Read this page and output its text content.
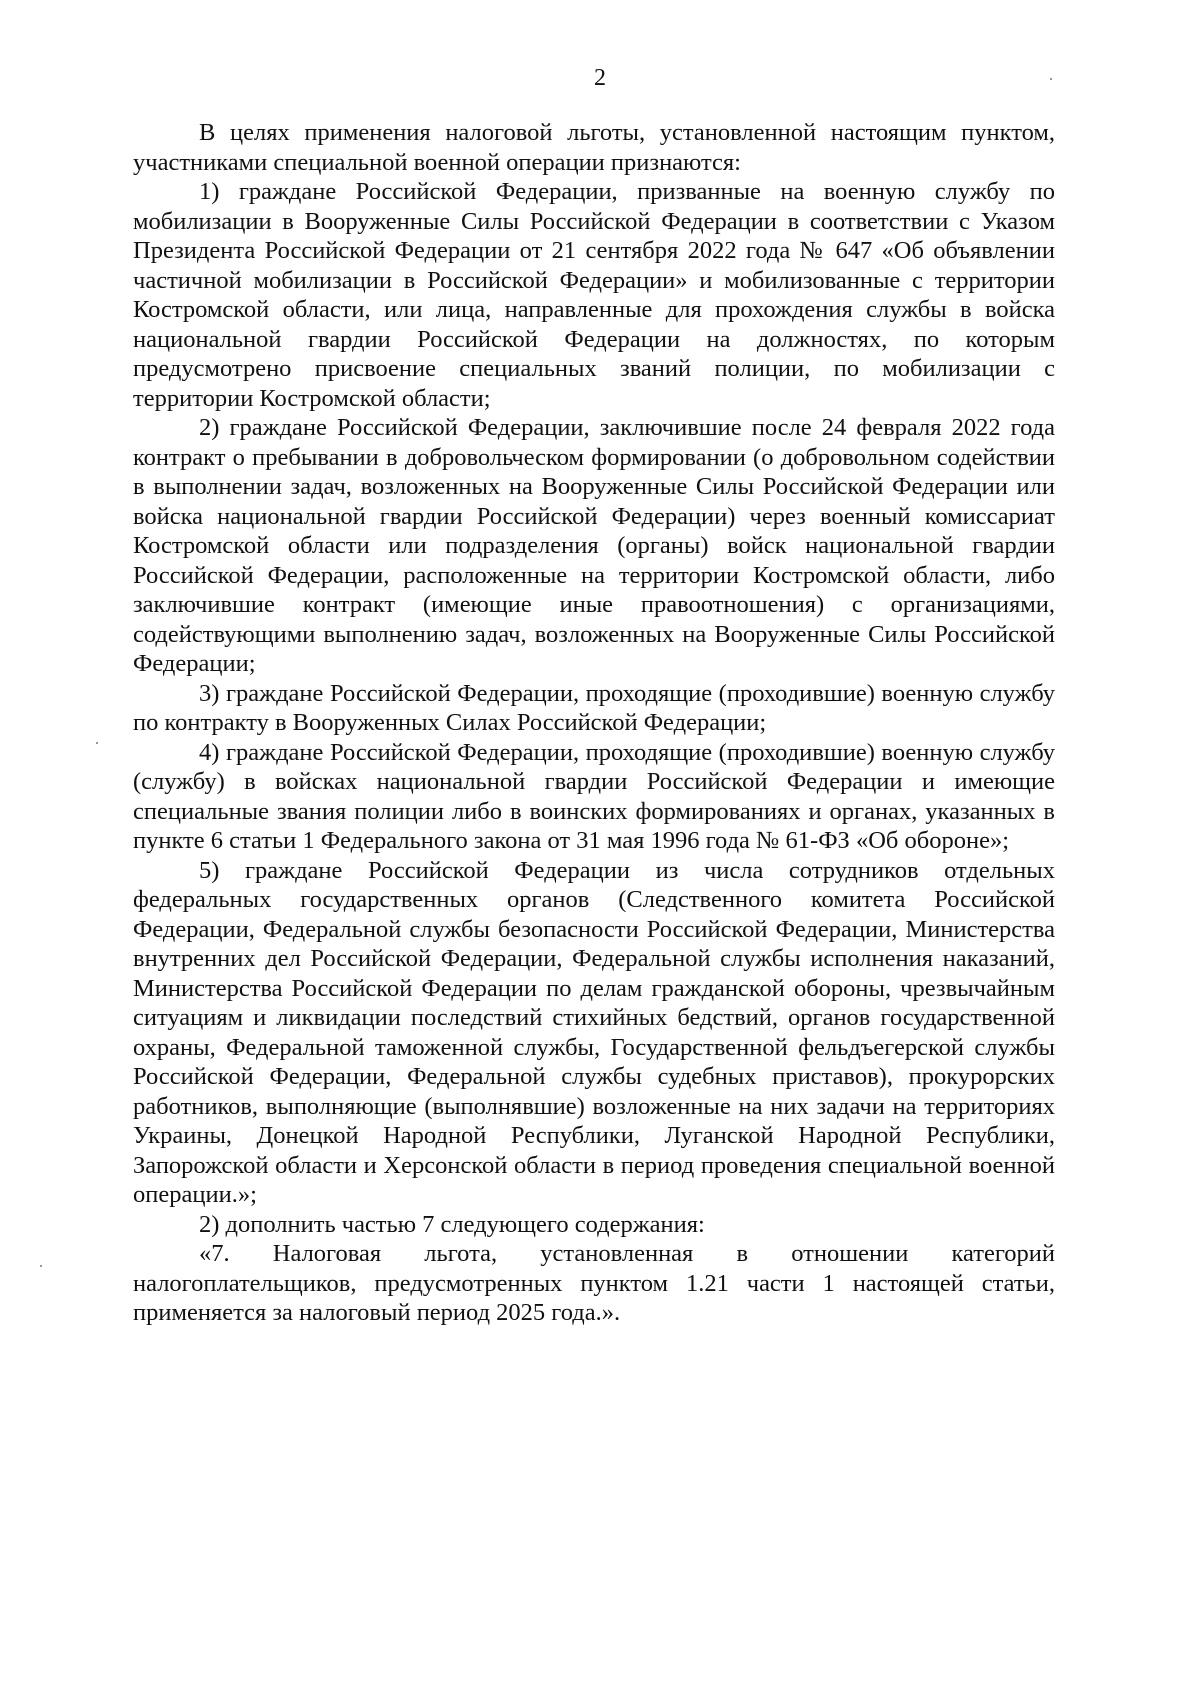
2

В целях применения налоговой льготы, установленной настоящим пунктом, участниками специальной военной операции признаются:

1) граждане Российской Федерации, призванные на военную службу по мобилизации в Вооруженные Силы Российской Федерации в соответствии с Указом Президента Российской Федерации от 21 сентября 2022 года № 647 «Об объявлении частичной мобилизации в Российской Федерации» и мобилизованные с территории Костромской области, или лица, направленные для прохождения службы в войска национальной гвардии Российской Федерации на должностях, по которым предусмотрено присвоение специальных званий полиции, по мобилизации с территории Костромской области;

2) граждане Российской Федерации, заключившие после 24 февраля 2022 года контракт о пребывании в добровольческом формировании (о добровольном содействии в выполнении задач, возложенных на Вооруженные Силы Российской Федерации или войска национальной гвардии Российской Федерации) через военный комиссариат Костромской области или подразделения (органы) войск национальной гвардии Российской Федерации, расположенные на территории Костромской области, либо заключившие контракт (имеющие иные правоотношения) с организациями, содействующими выполнению задач, возложенных на Вооруженные Силы Российской Федерации;

3) граждане Российской Федерации, проходящие (проходившие) военную службу по контракту в Вооруженных Силах Российской Федерации;

4) граждане Российской Федерации, проходящие (проходившие) военную службу (службу) в войсках национальной гвардии Российской Федерации и имеющие специальные звания полиции либо в воинских формированиях и органах, указанных в пункте 6 статьи 1 Федерального закона от 31 мая 1996 года № 61-ФЗ «Об обороне»;

5) граждане Российской Федерации из числа сотрудников отдельных федеральных государственных органов (Следственного комитета Российской Федерации, Федеральной службы безопасности Российской Федерации, Министерства внутренних дел Российской Федерации, Федеральной службы исполнения наказаний, Министерства Российской Федерации по делам гражданской обороны, чрезвычайным ситуациям и ликвидации последствий стихийных бедствий, органов государственной охраны, Федеральной таможенной службы, Государственной фельдъегерской службы Российской Федерации, Федеральной службы судебных приставов), прокурорских работников, выполняющие (выполнявшие) возложенные на них задачи на территориях Украины, Донецкой Народной Республики, Луганской Народной Республики, Запорожской области и Херсонской области в период проведения специальной военной операции.»;

2) дополнить частью 7 следующего содержания:

«7. Налоговая льгота, установленная в отношении категорий налогоплательщиков, предусмотренных пунктом 1.21 части 1 настоящей статьи, применяется за налоговый период 2025 года.».
